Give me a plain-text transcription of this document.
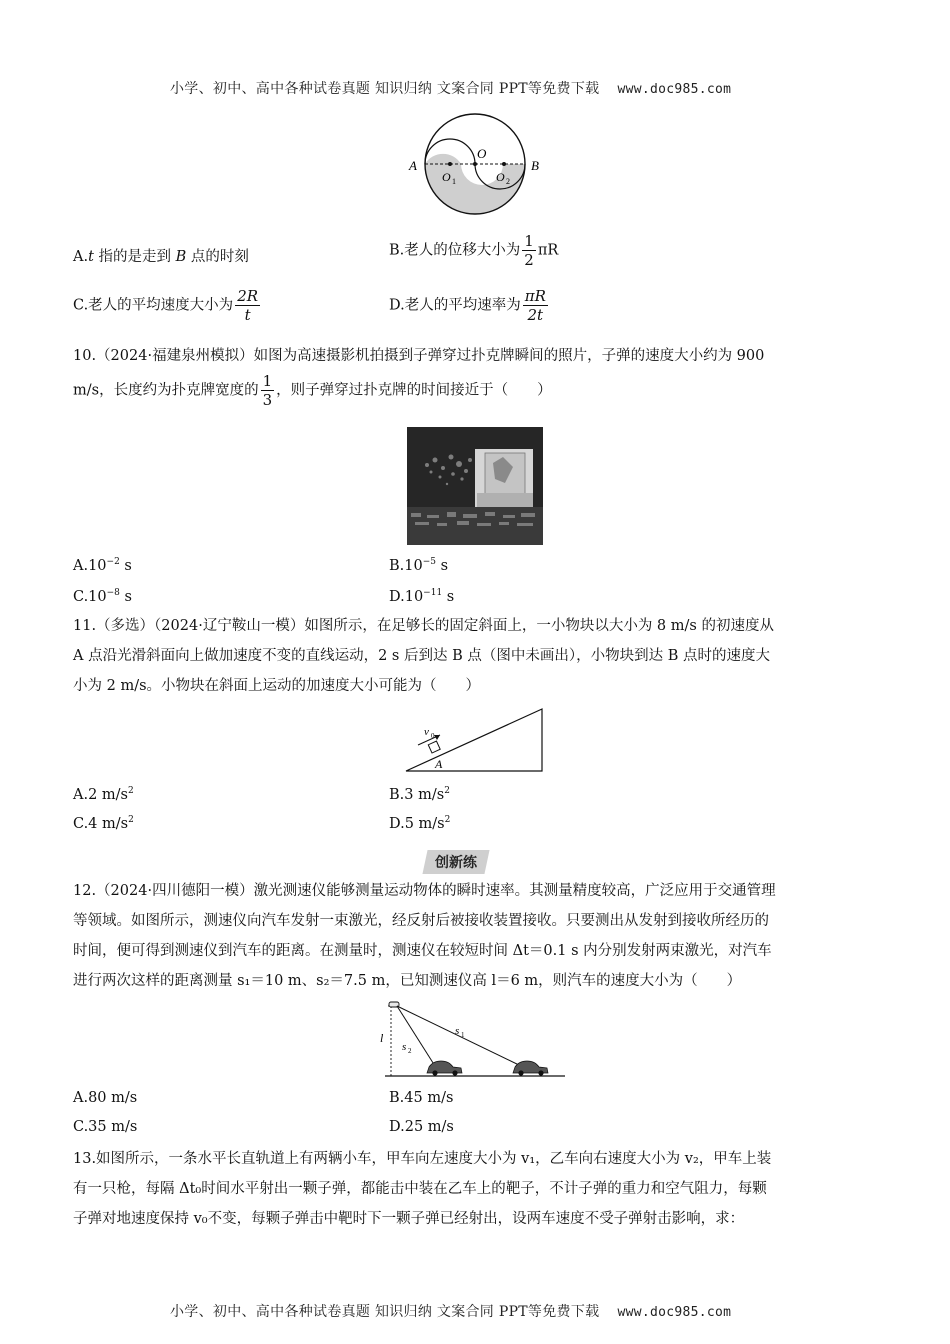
小学、初中、高中各种试卷真题 知识归纳 文案合同 PPT等免费下载 www.doc985.com
A	B
O
O 1	O 2
A.t 指的是走到 B 点的时刻	B.老人的位移大小为 $\frac{1}{2}$ πR
C.老人的平均速度大小为 $\frac{2R}{t}$	D.老人的平均速率为 $\frac{\pi R}{2t}$
10.（2024·福建泉州模拟）如图为高速摄影机拍摄到子弹穿过扑克牌瞬间的照片，子弹的速度大小约为 900
m/s，长度约为扑克牌宽度的 $\frac{1}{3}$ ，则子弹穿过扑克牌的时间接近于（　　）
$A.10^{-2}$ s	$B.10^{-5}$ s
$C.10^{-8}$ s	$D.10^{-11}$ s
11.（多选）（2024·辽宁鞍山一模）如图所示，在足够长的固定斜面上，一小物块以大小为 8 m/s 的初速度从
A 点沿光滑斜面向上做加速度不变的直线运动，2 s 后到达 B 点（图中未画出），小物块到达 B 点时的速度大
小为 2 m/s。小物块在斜面上运动的加速度大小可能为（　　）
v 0
A
A.2 $m/s^2$	B.3 $m/s^2$
C.4 $m/s^2$	D.5 $m/s^2$
创新练
12.（2024·四川德阳一模）激光测速仪能够测量运动物体的瞬时速率。其测量精度较高，广泛应用于交通管理
等领域。如图所示，测速仪向汽车发射一束激光，经反射后被接收装置接收。只要测出从发射到接收所经历的
时间，便可得到测速仪到汽车的距离。在测量时，测速仪在较短时间 Δt＝0.1 s 内分别发射两束激光，对汽车
进行两次这样的距离测量 s₁＝10 m、s₂＝7.5 m，已知测速仪高 l＝6 m，则汽车的速度大小为（　　）
l
s 2
s 1
A.80 m/s	B.45 m/s
C.35 m/s	D.25 m/s
13.如图所示，一条水平长直轨道上有两辆小车，甲车向左速度大小为 v₁，乙车向右速度大小为 v₂，甲车上装
有一只枪，每隔 Δt₀时间水平射出一颗子弹，都能击中装在乙车上的靶子，不计子弹的重力和空气阻力，每颗
子弹对地速度保持 v₀不变，每颗子弹击中靶时下一颗子弹已经射出，设两车速度不受子弹射击影响，求：
小学、初中、高中各种试卷真题 知识归纳 文案合同 PPT等免费下载 www.doc985.com
